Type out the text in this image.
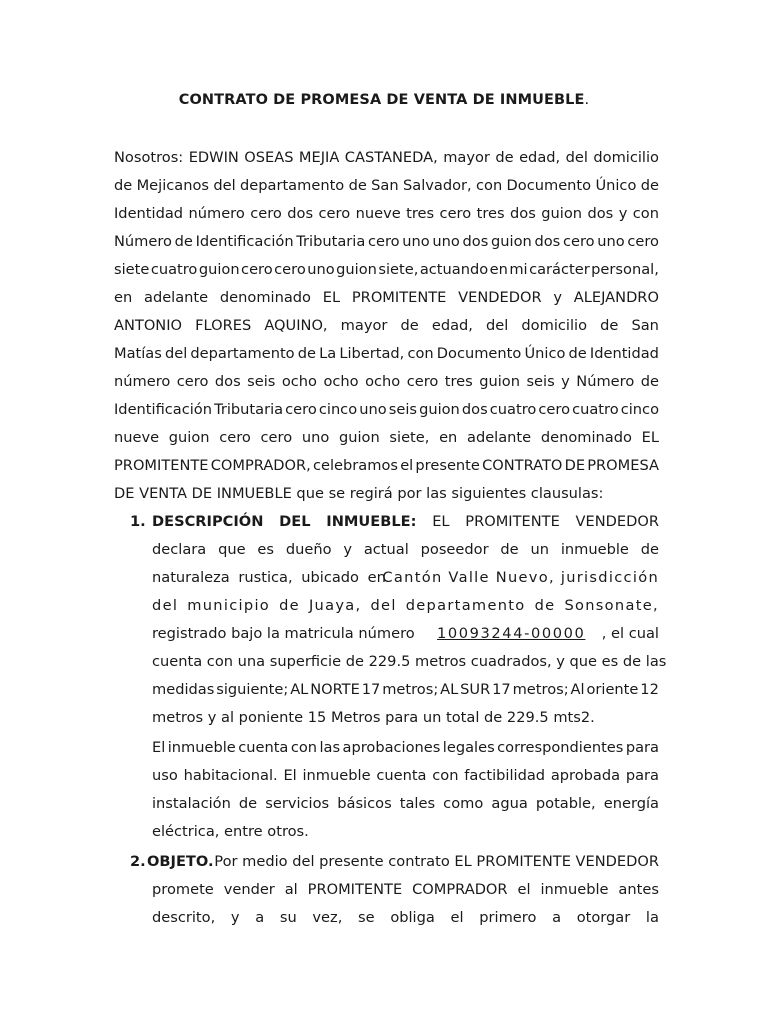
CONTRATO DE PROMESA DE VENTA DE INMUEBLE.
Nosotros: EDWIN OSEAS MEJIA CASTANEDA, mayor de edad, del domicilio
de Mejicanos del departamento de San Salvador, con Documento Único de
Identidad número cero dos cero nueve tres cero tres dos guion dos y con
Número de Identificación Tributaria cero uno uno dos guion dos cero uno cero
siete cuatro guion cero cero uno guion siete, actuando en mi carácter personal,
en adelante denominado EL PROMITENTE VENDEDOR y ALEJANDRO
ANTONIO FLORES AQUINO, mayor de edad, del domicilio de San
Matías del departamento de La Libertad, con Documento Único de Identidad
número cero dos seis ocho ocho ocho cero tres guion seis y Número de
Identificación Tributaria cero cinco uno seis guion dos cuatro cero cuatro cinco
nueve guion cero cero uno guion siete, en adelante denominado EL
PROMITENTE COMPRADOR, celebramos el presente CONTRATO DE PROMESA
DE VENTA DE INMUEBLE que se regirá por las siguientes clausulas:
1. DESCRIPCIÓN DEL INMUEBLE: EL PROMITENTE VENDEDOR
declara que es dueño y actual poseedor de un inmueble de
naturaleza rustica, ubicado en
Cantón Valle Nuevo, jurisdicción
del municipio de Juaya, del departamento de Sonsonate,
registrado bajo la matricula número 10093244-00000 , el cual
cuenta con una superficie de 229.5 metros cuadrados, y que es de las
medidas siguiente; AL NORTE 17 metros; AL SUR 17 metros; Al oriente 12
metros y al poniente 15 Metros para un total de 229.5 mts2.
El inmueble cuenta con las aprobaciones legales correspondientes para
uso habitacional. El inmueble cuenta con factibilidad aprobada para
instalación de servicios básicos tales como agua potable, energía
eléctrica, entre otros.
2. OBJETO. Por medio del presente contrato EL PROMITENTE VENDEDOR
promete vender al PROMITENTE COMPRADOR el inmueble antes
descrito, y a su vez, se obliga el primero a otorgar la
